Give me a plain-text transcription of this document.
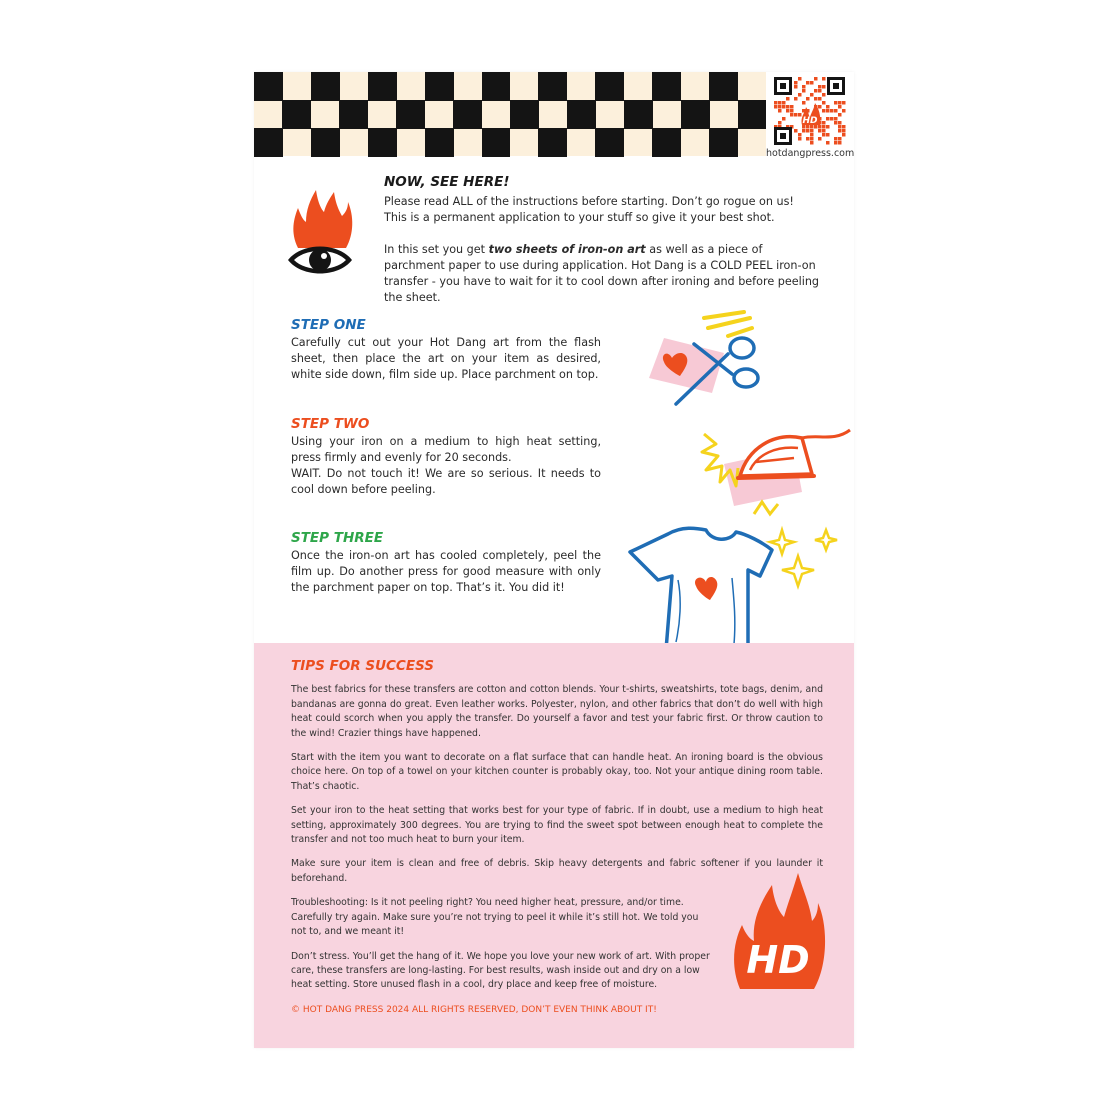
HD
hotdangpress.com
NOW, SEE HERE!

Please read ALL of the instructions before starting. Don’t go rogue on us!
This is a permanent application to your stuff so give it your best shot.

In this set you get two sheets of iron-on art as well as a piece of parchment paper to use during application. Hot Dang is a COLD PEEL iron-on transfer - you have to wait for it to cool down after ironing and before peeling the sheet.

STEP ONE

Carefully cut out your Hot Dang art from the flash sheet, then place the art on your item as desired, white side down, film side up. Place parchment on top.

STEP TWO

Using your iron on a medium to high heat setting, press firmly and evenly for 20 seconds.

WAIT. Do not touch it! We are so serious. It needs to cool down before peeling.

STEP THREE

Once the iron-on art has cooled completely, peel the film up. Do another press for good measure with only the parchment paper on top. That’s it. You did it!

TIPS FOR SUCCESS

The best fabrics for these transfers are cotton and cotton blends. Your t-shirts, sweatshirts, tote bags, denim, and bandanas are gonna do great. Even leather works. Polyester, nylon, and other fabrics that don’t do well with high heat could scorch when you apply the transfer. Do yourself a favor and test your fabric first. Or throw caution to the wind! Crazier things have happened.

Start with the item you want to decorate on a flat surface that can handle heat. An ironing board is the obvious choice here. On top of a towel on your kitchen counter is probably okay, too. Not your antique dining room table. That’s chaotic.

Set your iron to the heat setting that works best for your type of fabric. If in doubt, use a medium to high heat setting, approximately 300 degrees. You are trying to find the sweet spot between enough heat to complete the transfer and not too much heat to burn your item.

Make sure your item is clean and free of debris. Skip heavy detergents and fabric softener if you launder it beforehand.

Troubleshooting: Is it not peeling right? You need higher heat, pressure, and/or time. Carefully try again. Make sure you’re not trying to peel it while it’s still hot. We told you not to, and we meant it!

Don’t stress. You’ll get the hang of it. We hope you love your new work of art. With proper care, these transfers are long-lasting. For best results, wash inside out and dry on a low heat setting. Store unused flash in a cool, dry place and keep free of moisture.

© HOT DANG PRESS 2024 ALL RIGHTS RESERVED, DON’T EVEN THINK ABOUT IT!
HD
